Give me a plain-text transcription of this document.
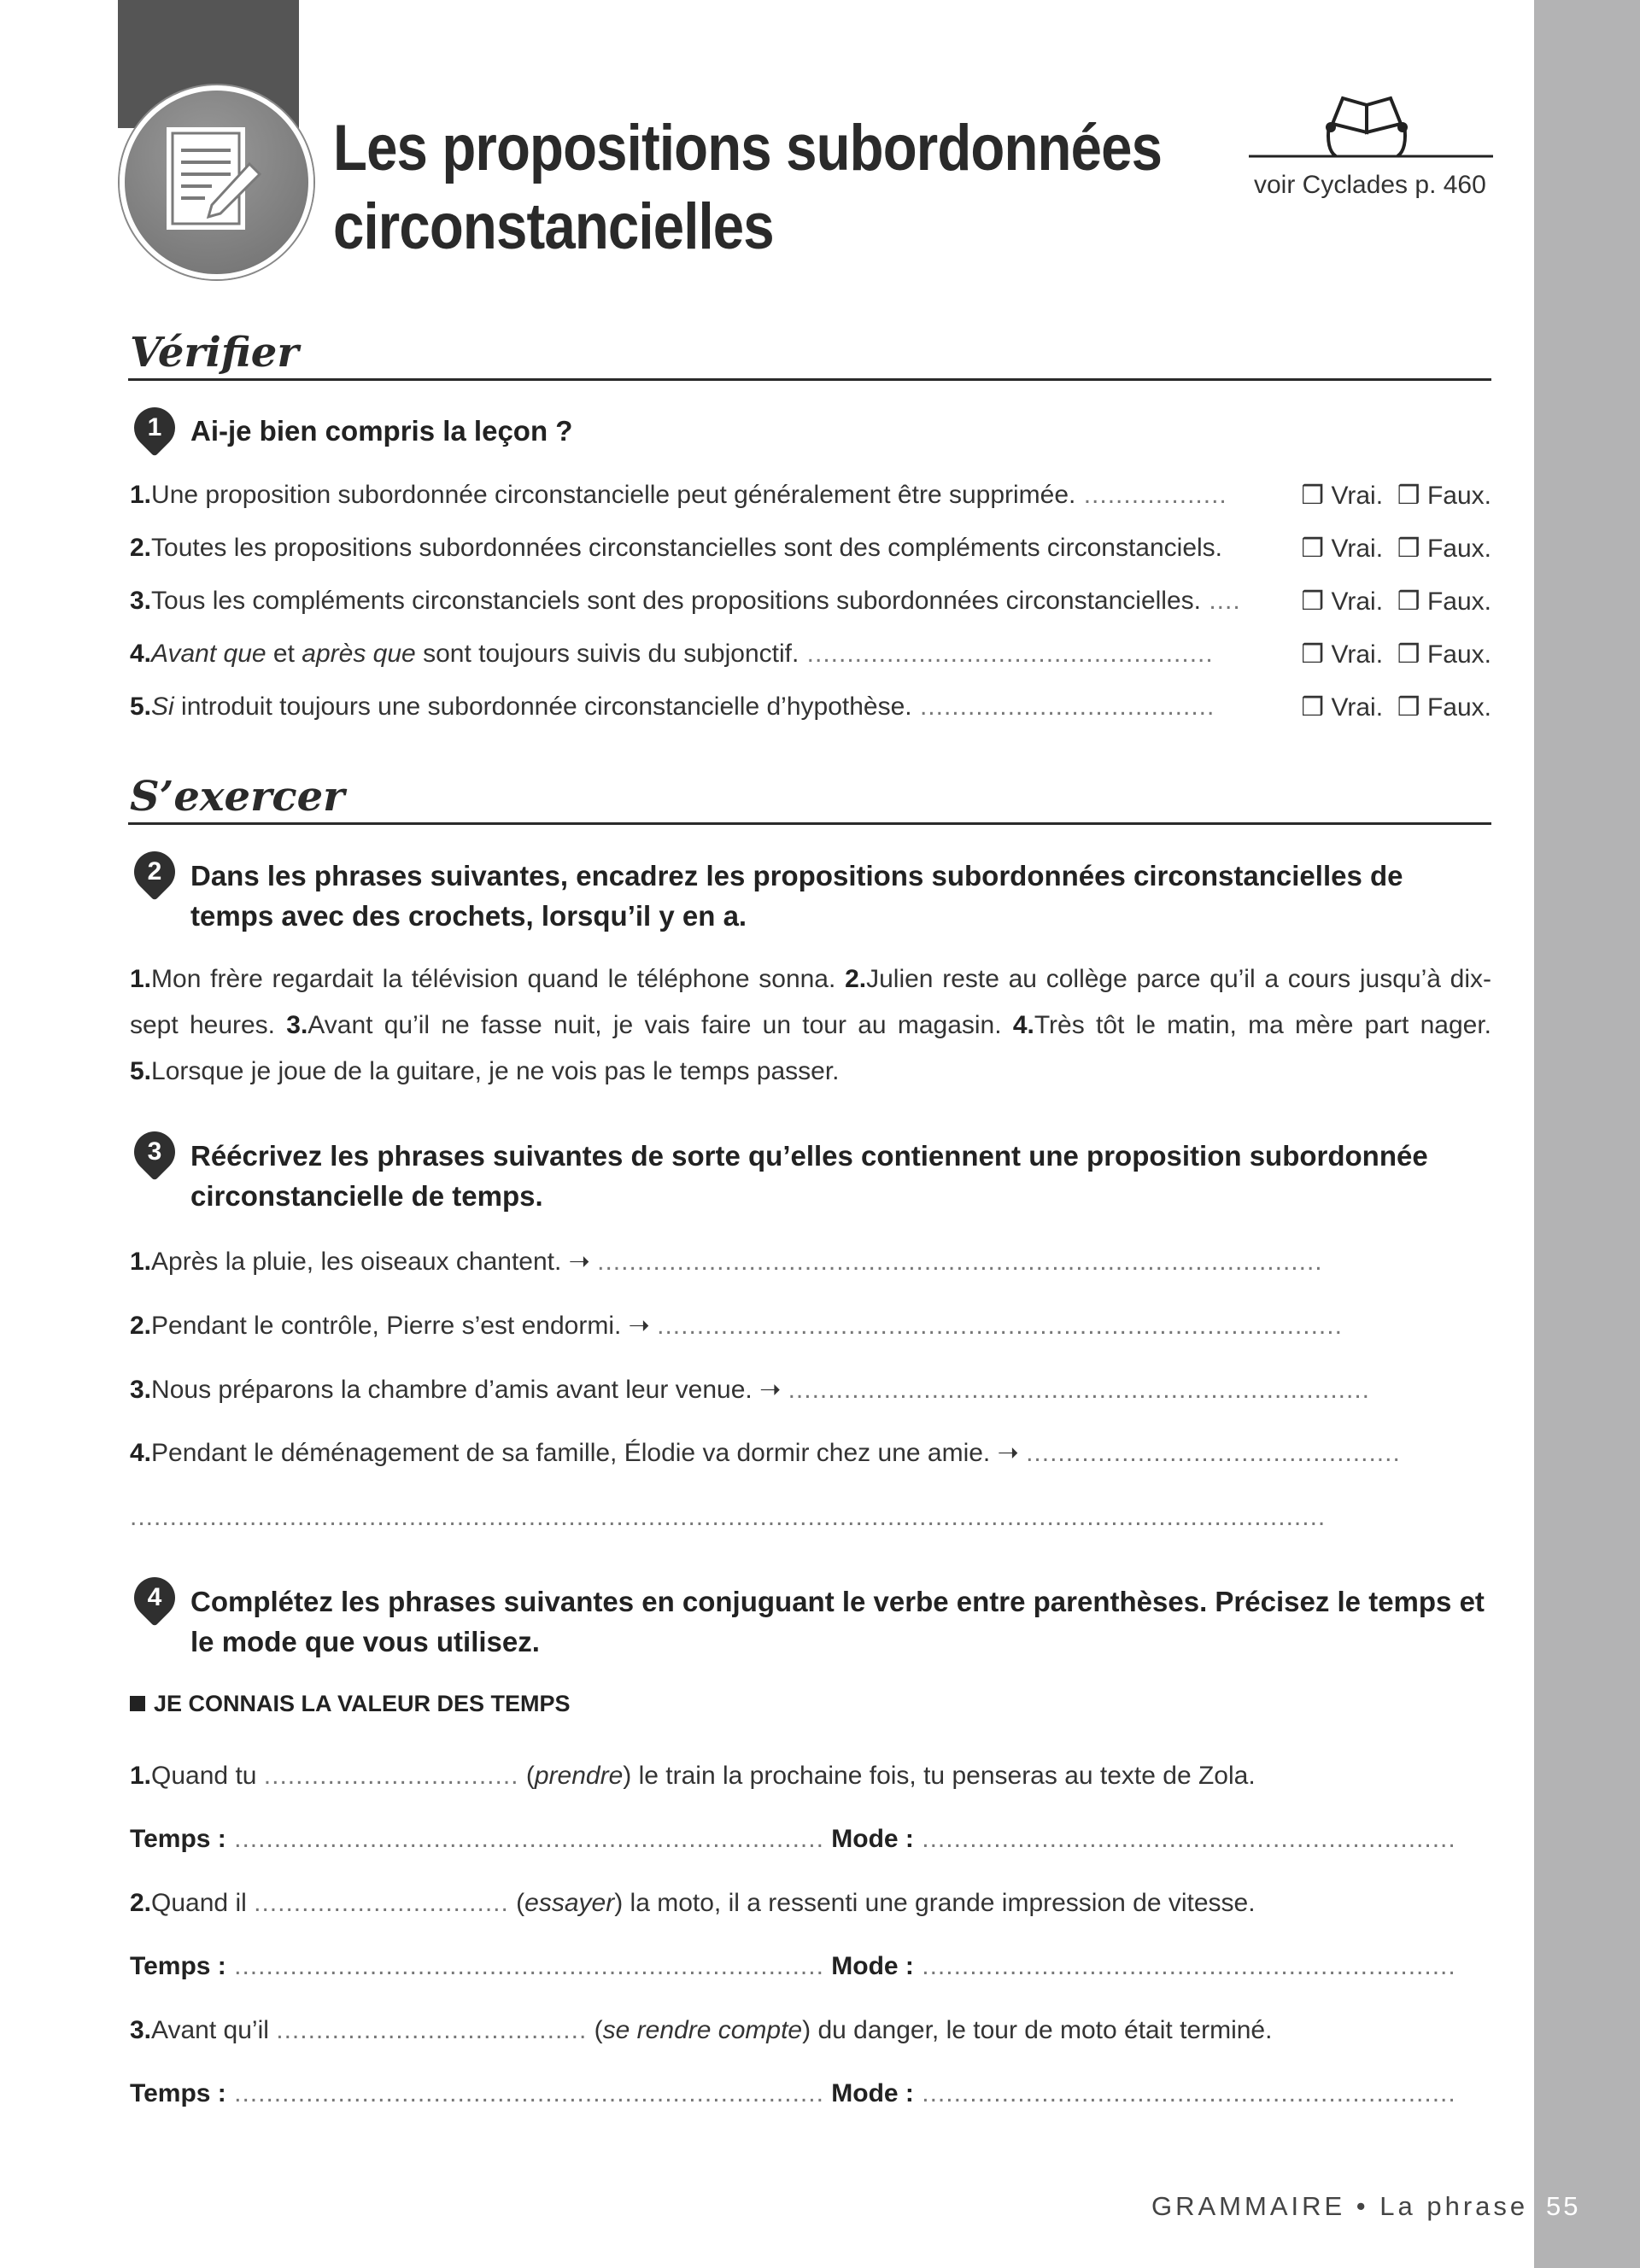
Les propositions subordonnées
circonstancielles
voir Cyclades p. 460
Vérifier
1	Ai-je bien compris la leçon ?
1.Une proposition subordonnée circonstancielle peut généralement être supprimée. ..................	❒ Vrai. ❒ Faux.
2.Toutes les propositions subordonnées circonstancielles sont des compléments circonstanciels.	❒ Vrai. ❒ Faux.
3.Tous les compléments circonstanciels sont des propositions subordonnées circonstancielles. .... ❒ Vrai. ❒ Faux.
4.Avant que et après que sont toujours suivis du subjonctif. ...................................................	❒ Vrai. ❒ Faux.
5.Si introduit toujours une subordonnée circonstancielle d’hypothèse. .....................................	❒ Vrai. ❒ Faux.
S’exercer
2	Dans les phrases suivantes, encadrez les propositions subordonnées circonstancielles de temps avec des crochets, lorsqu’il y en a.
1.Mon frère regardait la télévision quand le téléphone sonna. 2.Julien reste au collège parce qu’il a cours jusqu’à dix-sept heures. 3.Avant qu’il ne fasse nuit, je vais faire un tour au magasin. 4.Très tôt le matin, ma mère part nager. 5.Lorsque je joue de la guitare, je ne vois pas le temps passer.
3	Réécrivez les phrases suivantes de sorte qu’elles contiennent une proposition subordonnée circonstancielle de temps.
1.Après la pluie, les oiseaux chantent. ➝ ...........................................................................................
2.Pendant le contrôle, Pierre s’est endormi. ➝ ......................................................................................
3.Nous préparons la chambre d’amis avant leur venue. ➝ .........................................................................
4.Pendant le déménagement de sa famille, Élodie va dormir chez une amie. ➝ ...............................................
......................................................................................................................................................
4	Complétez les phrases suivantes en conjuguant le verbe entre parenthèses. Précisez le temps et le mode que vous utilisez.
JE CONNAIS LA VALEUR DES TEMPS
1.Quand tu ................................ (prendre) le train la prochaine fois, tu penseras au texte de Zola.
Temps : .......................................................................... Mode : ...................................................................
2.Quand il ................................ (essayer) la moto, il a ressenti une grande impression de vitesse.
Temps : .......................................................................... Mode : ...................................................................
3.Avant qu’il ....................................... (se rendre compte) du danger, le tour de moto était terminé.
Temps : .......................................................................... Mode : ...................................................................
GRAMMAIRE • La phrase 55
